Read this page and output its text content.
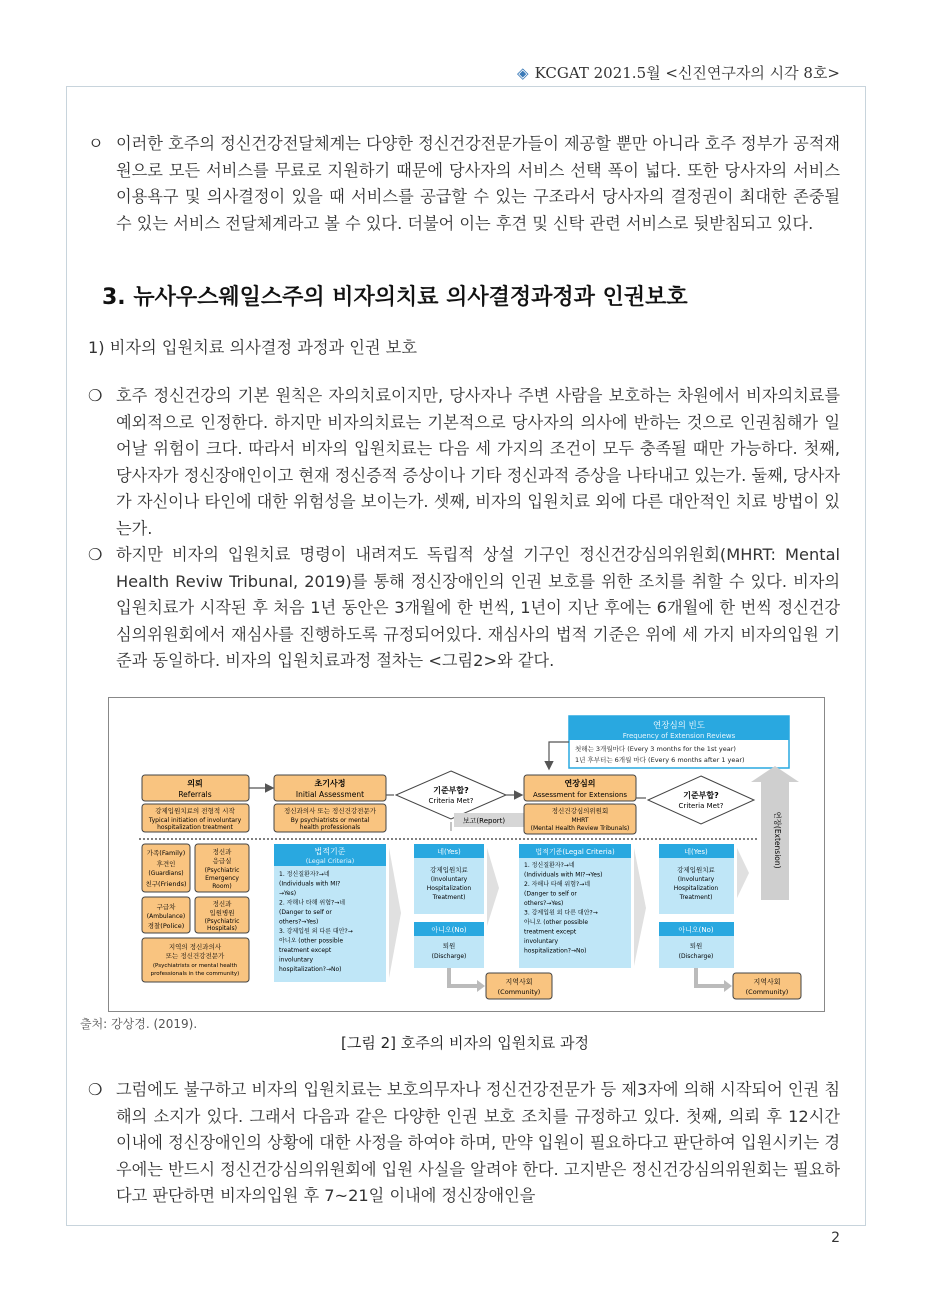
◈ KCGAT 2021.5월 <신진연구자의 시각 8호>
ㅇ 이러한 호주의 정신건강전달체계는 다양한 정신건강전문가들이 제공할 뿐만 아니라 호주 정부가 공적재원으로 모든 서비스를 무료로 지원하기 때문에 당사자의 서비스 선택 폭이 넓다. 또한 당사자의 서비스 이용욕구 및 의사결정이 있을 때 서비스를 공급할 수 있는 구조라서 당사자의 결정권이 최대한 존중될 수 있는 서비스 전달체계라고 볼 수 있다. 더불어 이는 후견 및 신탁 관련 서비스로 뒷받침되고 있다.
3. 뉴사우스웨일스주의 비자의치료 의사결정과정과 인권보호
1) 비자의 입원치료 의사결정 과정과 인권 보호
❍ 호주 정신건강의 기본 원칙은 자의치료이지만, 당사자나 주변 사람을 보호하는 차원에서 비자의치료를 예외적으로 인정한다. 하지만 비자의치료는 기본적으로 당사자의 의사에 반하는 것으로 인권침해가 일어날 위험이 크다. 따라서 비자의 입원치료는 다음 세 가지의 조건이 모두 충족될 때만 가능하다. 첫째, 당사자가 정신장애인이고 현재 정신증적 증상이나 기타 정신과적 증상을 나타내고 있는가. 둘째, 당사자가 자신이나 타인에 대한 위험성을 보이는가. 셋째, 비자의 입원치료 외에 다른 대안적인 치료 방법이 있는가.
❍ 하지만 비자의 입원치료 명령이 내려져도 독립적 상설 기구인 정신건강심의위원회(MHRT: Mental Health Reviw Tribunal, 2019)를 통해 정신장애인의 인권 보호를 위한 조치를 취할 수 있다. 비자의 입원치료가 시작된 후 처음 1년 동안은 3개월에 한 번씩, 1년이 지난 후에는 6개월에 한 번씩 정신건강심의위원회에서 재심사를 진행하도록 규정되어있다. 재심사의 법적 기준은 위에 세 가지 비자의입원 기준과 동일하다. 비자의 입원치료과정 절차는 <그림2>와 같다.
연장심의 빈도
Frequency of Extension Reviews
첫해는 3개월마다 (Every 3 months for the 1st year)
1년 후부터는 6개월 마다 (Every 6 months after 1 year)
의뢰
Referrals
강제입원치료의 전형적 시작
Typical initiation of involuntary
hospitalization treatment
초기사정
Initial Assessment
정신과의사 또는 정신건강전문가
By psychiatrists or mental
health professionals
기준부합?
Criteria Met?
보고(Report)
연장심의
Assessment for Extensions
정신건강심의위원회
MHRT
(Mental Health Review Tribunals)
기준부합?
Criteria Met?
연장(Extension)
가족(Family)
후견인
(Guardians)
친구(Friends)
정신과
응급실
(Psychiatric
Emergency
Room)
구급차
(Ambulance)
경찰(Police)
정신과
입원병원
(Psychiatric
Hospitals)
지역의 정신과의사
또는 정신건강전문가
(Psychiatrists or mental health
professionals in the community)
법적기준
(Legal Criteria)
1. 정신질환자?→네
(Individuals with MI?
→Yes)
2. 자해나 타해 위험?→네
(Danger to self or
others?→Yes)
3. 강제입원 외 다른 대안?→
아니오 (other possible
treatment except
involuntary
hospitalization?→No)
네(Yes)
강제입원치료
(Involuntary
Hospitalization
Treatment)
아니오(No)
퇴원
(Discharge)
지역사회
(Community)
법적기준(Legal Criteria)
1. 정신질환자?→네
(Individuals with MI?→Yes)
2. 자해나 타해 위험?→네
(Danger to self or
others?→Yes)
3. 강제입원 외 다른 대안?→
아니오 (other possible
treatment except
involuntary
hospitalization?→No)
네(Yes)
강제입원치료
(Involuntary
Hospitalization
Treatment)
아니오(No)
퇴원
(Discharge)
지역사회
(Community)
출처: 강상경. (2019).
[그림 2] 호주의 비자의 입원치료 과정
❍ 그럼에도 불구하고 비자의 입원치료는 보호의무자나 정신건강전문가 등 제3자에 의해 시작되어 인권 침해의 소지가 있다. 그래서 다음과 같은 다양한 인권 보호 조치를 규정하고 있다. 첫째, 의뢰 후 12시간 이내에 정신장애인의 상황에 대한 사정을 하여야 하며, 만약 입원이 필요하다고 판단하여 입원시키는 경우에는 반드시 정신건강심의위원회에 입원 사실을 알려야 한다. 고지받은 정신건강심의위원회는 필요하다고 판단하면 비자의입원 후 7~21일 이내에 정신장애인을
2
